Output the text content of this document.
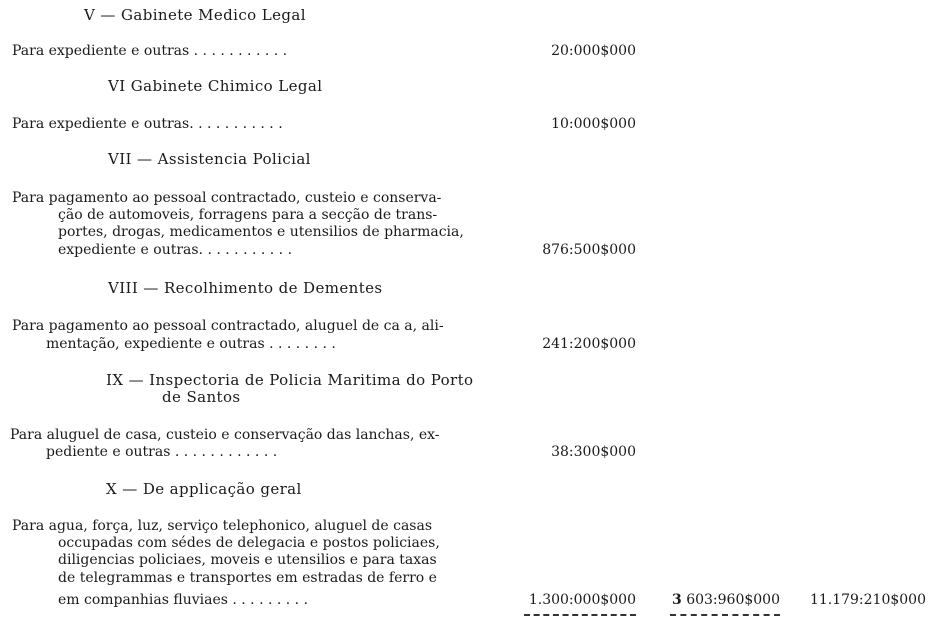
V — Gabinete Medico Legal
Para expediente e outras . . . . . . . . . . .	20:000$000
VI Gabinete Chimico Legal
Para expediente e outras. . . . . . . . . . .	10:000$000
VII — Assistencia Policial
Para pagamento ao pessoal contractado, custeio e conserva-
ção de automoveis, forragens para a secção de trans-
portes, drogas, medicamentos e utensilios de pharmacia,
expediente e outras. . . . . . . . . . .	876:500$000
VIII — Recolhimento de Dementes
Para pagamento ao pessoal contractado, aluguel de ca a, ali-
mentação, expediente e outras . . . . . . . .	241:200$000
IX — Inspectoria de Policia Maritima do Porto
de Santos
Para aluguel de casa, custeio e conservação das lanchas, ex-
pediente e outras . . . . . . . . . . . .	38:300$000
X — De applicação geral
Para agua, força, luz, serviço telephonico, aluguel de casas
occupadas com sédes de delegacia e postos policiaes,
diligencias policiaes, moveis e utensilios e para taxas
de telegrammas e transportes em estradas de ferro e
em companhias fluviaes . . . . . . . . .	1.300:000$000	3 603:960$000	11.179:210$000
